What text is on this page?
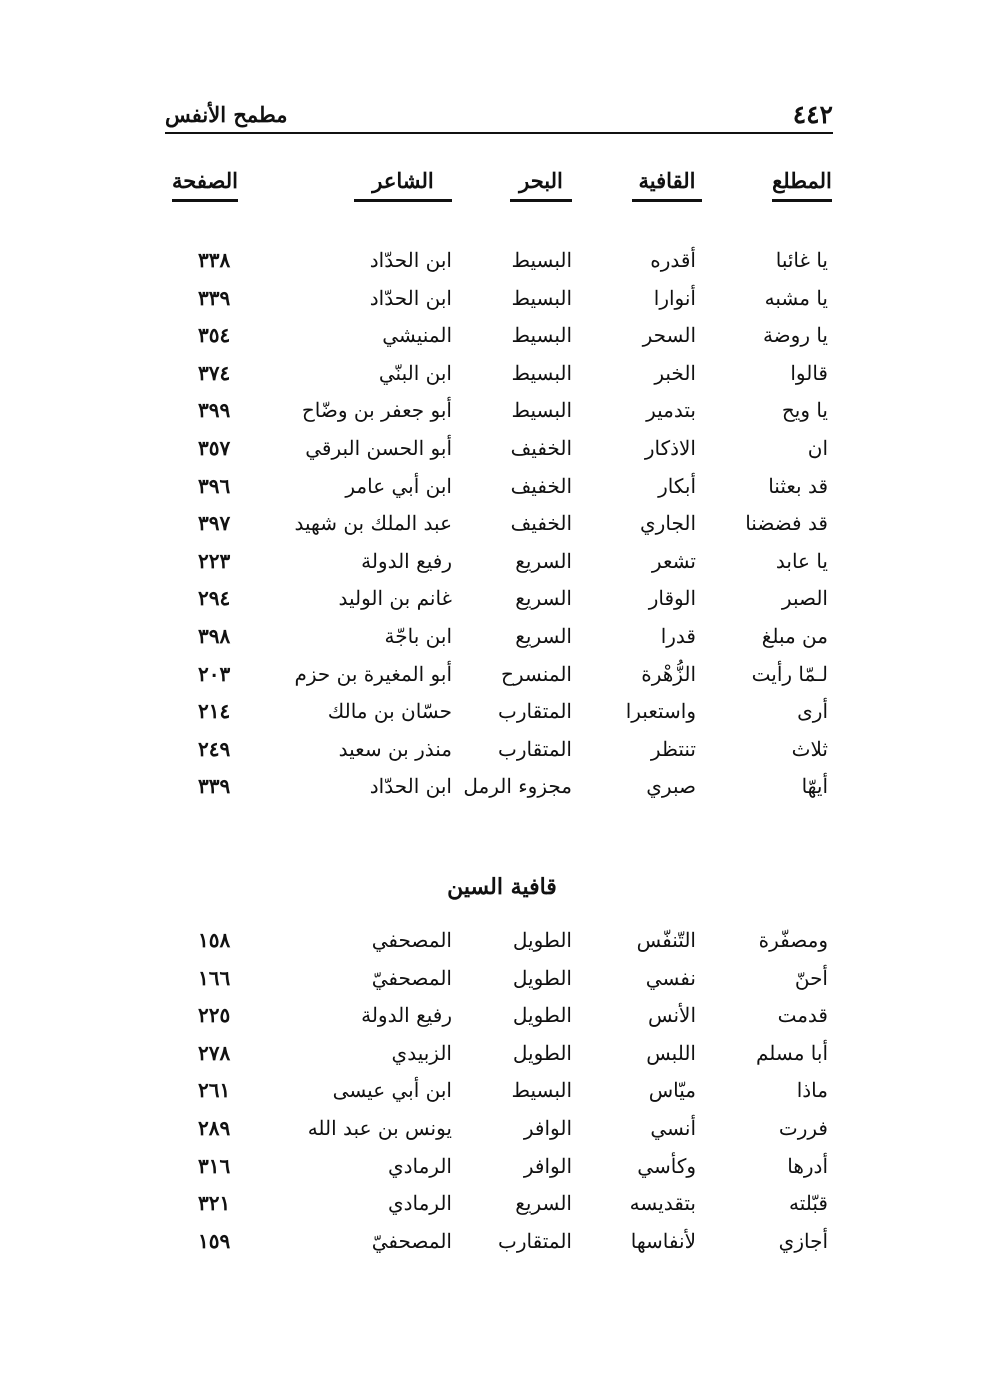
٤٤٢
مطمح الأنفس
المطلع
القافية
البحر
الشاعر
الصفحة
يا غائبا
أقدره
البسيط
ابن الحدّاد
٣٣٨
يا مشبه
أنوارا
البسيط
ابن الحدّاد
٣٣٩
يا روضة
السحر
البسيط
المنيشي
٣٥٤
قالوا
الخبر
البسيط
ابن البنّي
٣٧٤
يا ويح
بتدمير
البسيط
أبو جعفر بن وضّاح
٣٩٩
ان
الاذكار
الخفيف
أبو الحسن البرقي
٣٥٧
قد بعثنا
أبكار
الخفيف
ابن أبي عامر
٣٩٦
قد فضضنا
الجاري
الخفيف
عبد الملك بن شهيد
٣٩٧
يا عابد
تشعر
السريع
رفيع الدولة
٢٢٣
الصبر
الوقار
السريع
غانم بن الوليد
٢٩٤
من مبلغ
قدرا
السريع
ابن باجّة
٣٩٨
لـمّا رأيت
الزُّهْرة
المنسرح
أبو المغيرة بن حزم
٢٠٣
أرى
واستعبرا
المتقارب
حسّان بن مالك
٢١٤
ثلاث
تنتظر
المتقارب
منذر بن سعيد
٢٤٩
أيهّا
صبري
مجزوء الرمل
ابن الحدّاد
٣٣٩
قافية السين
ومصفّرة
التّنفّس
الطويل
المصحفي
١٥٨
أحنّ
نفسي
الطويل
المصحفيّ
١٦٦
قدمت
الأنس
الطويل
رفيع الدولة
٢٢٥
أبا مسلم
اللبس
الطويل
الزبيدي
٢٧٨
ماذا
ميّاس
البسيط
ابن أبي عيسى
٢٦١
فررت
أنسي
الوافر
يونس بن عبد الله
٢٨٩
أدرها
وكأسي
الوافر
الرمادي
٣١٦
قبّلته
بتقديسه
السريع
الرمادي
٣٢١
أجازي
لأنفاسها
المتقارب
المصحفيّ
١٥٩
